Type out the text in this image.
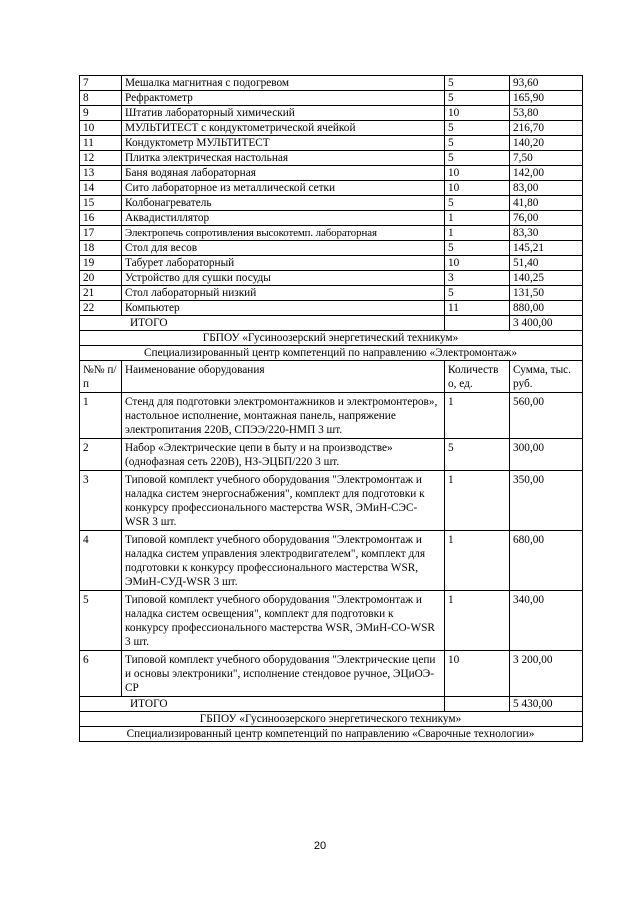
7	Мешалка магнитная с подогревом	5	93,60
8	Рефрактометр	5	165,90
9	Штатив лабораторный химический	10	53,80
10	МУЛЬТИТЕСТ с кондуктометрической ячейкой	5	216,70
11	Кондуктометр МУЛЬТИТЕСТ	5	140,20
12	Плитка электрическая настольная	5	7,50
13	Баня водяная лабораторная	10	142,00
14	Сито лабораторное из металлической сетки	10	83,00
15	Колбонагреватель	5	41,80
16	Аквадистиллятор	1	76,00
17	Электропечь сопротивления высокотемп. лабораторная	1	83,30
18	Стол для весов	5	145,21
19	Табурет лабораторный	10	51,40
20	Устройство для сушки посуды	3	140,25
21	Стол лабораторный низкий	5	131,50
22	Компьютер	11	880,00
ИТОГО			3 400,00
ГБПОУ «Гусиноозерский энергетический техникум»			
Специализированный центр компетенций по направлению «Электромонтаж»			
№№ п/п	Наименование оборудования	Количество, ед.	Сумма, тыс. руб.
1	Стенд для подготовки электромонтажников и электромонтеров», настольное исполнение, монтажная панель, напряжение электропитания 220В, СПЭЭ/220-НМП 3 шт.	1	560,00
2	Набор «Электрические цепи в быту и на производстве» (однофазная сеть 220В), НЗ-ЭЦБП/220 3 шт.	5	300,00
3	Типовой комплект учебного оборудования "Электромонтаж и наладка систем энергоснабжения", комплект для подготовки к конкурсу профессионального мастерства WSR, ЭМиН-СЭС-WSR 3 шт.	1	350,00
4	Типовой комплект учебного оборудования "Электромонтаж и наладка систем управления электродвигателем", комплект для подготовки к конкурсу профессионального мастерства WSR, ЭМиН-СУД-WSR 3 шт.	1	680,00
5	Типовой комплект учебного оборудования "Электромонтаж и наладка систем освещения", комплект для подготовки к конкурсу профессионального мастерства WSR, ЭМиН-СО-WSR 3 шт.	1	340,00
6	Типовой комплект учебного оборудования "Электрические цепи и основы электроники", исполнение стендовое ручное, ЭЦиОЭ-СР	10	3 200,00
ИТОГО			5 430,00
ГБПОУ «Гусиноозерского энергетического техникум»			
Специализированный центр компетенций по направлению «Сварочные технологии»			
20
